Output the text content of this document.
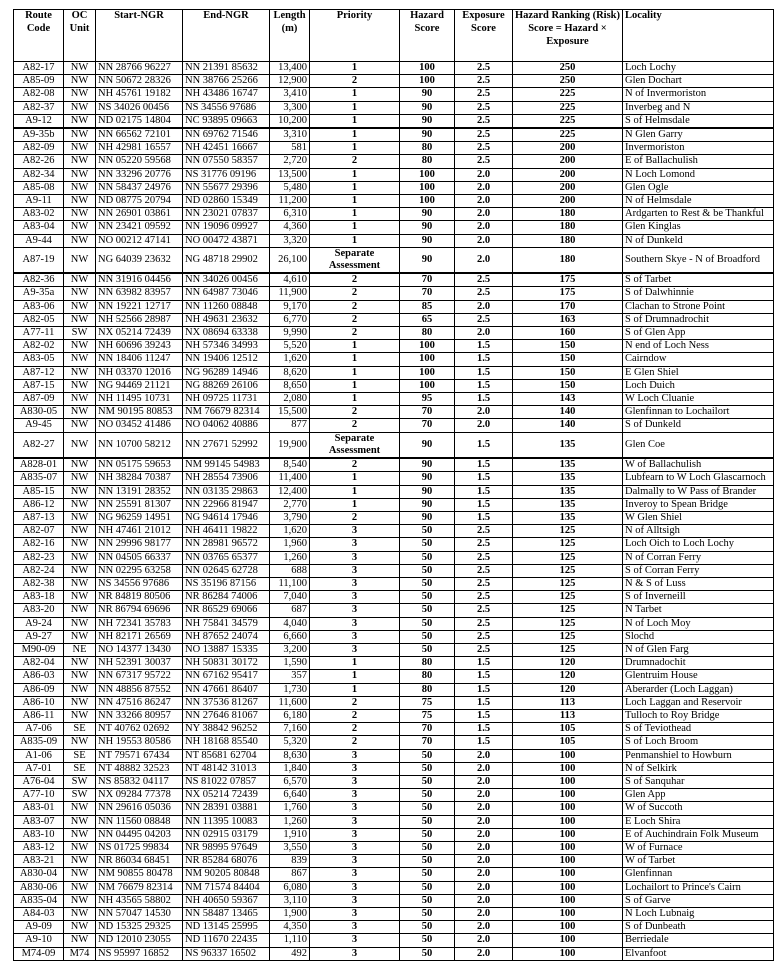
Route Code	OC Unit	Start-NGR	End-NGR	Length (m)	Priority	Hazard Score	Exposure Score	Hazard Ranking (Risk) Score = Hazard × Exposure	Locality
A82-17	NW	NN 28766 96227	NN 21391 85632	13,400	1	100	2.5	250	Loch Lochy
A85-09	NW	NN 50672 28326	NN 38766 25266	12,900	2	100	2.5	250	Glen Dochart
A82-08	NW	NH 45761 19182	NH 43486 16747	3,410	1	90	2.5	225	N of Invermoriston
A82-37	NW	NS 34026 00456	NS 34556 97686	3,300	1	90	2.5	225	Inverbeg and N
A9-12	NW	ND 02175 14804	NC 93895 09663	10,200	1	90	2.5	225	S of Helmsdale
A9-35b	NW	NN 66562 72101	NN 69762 71546	3,310	1	90	2.5	225	N Glen Garry
A82-09	NW	NH 42981 16557	NH 42451 16667	581	1	80	2.5	200	Invermoriston
A82-26	NW	NN 05220 59568	NN 07550 58357	2,720	2	80	2.5	200	E of Ballachulish
A82-34	NW	NN 33296 20776	NS 31776 09196	13,500	1	100	2.0	200	N Loch Lomond
A85-08	NW	NN 58437 24976	NN 55677 29396	5,480	1	100	2.0	200	Glen Ogle
A9-11	NW	ND 08775 20794	ND 02860 15349	11,200	1	100	2.0	200	N of Helmsdale
A83-02	NW	NN 26901 03861	NN 23021 07837	6,310	1	90	2.0	180	Ardgarten to Rest & be Thankful
A83-04	NW	NN 23421 09592	NN 19096 09927	4,360	1	90	2.0	180	Glen Kinglas
A9-44	NW	NO 00212 47141	NO 00472 43871	3,320	1	90	2.0	180	N of Dunkeld
A87-19	NW	NG 64039 23632	NG 48718 29902	26,100	Separate Assessment	90	2.0	180	Southern Skye - N of Broadford
A82-36	NW	NN 31916 04456	NN 34026 00456	4,610	2	70	2.5	175	S of Tarbet
A9-35a	NW	NN 63982 83957	NN 64987 73046	11,900	2	70	2.5	175	S of Dalwhinnie
A83-06	NW	NN 19221 12717	NN 11260 08848	9,170	2	85	2.0	170	Clachan to Strone Point
A82-05	NW	NH 52566 28987	NH 49631 23632	6,770	2	65	2.5	163	S of Drumnadrochit
A77-11	SW	NX 05214 72439	NX 08694 63338	9,990	2	80	2.0	160	S of Glen App
A82-02	NW	NH 60696 39243	NH 57346 34993	5,520	1	100	1.5	150	N end of Loch Ness
A83-05	NW	NN 18406 11247	NN 19406 12512	1,620	1	100	1.5	150	Cairndow
A87-12	NW	NH 03370 12016	NG 96289 14946	8,620	1	100	1.5	150	E Glen Shiel
A87-15	NW	NG 94469 21121	NG 88269 26106	8,650	1	100	1.5	150	Loch Duich
A87-09	NW	NH 11495 10731	NH 09725 11731	2,080	1	95	1.5	143	W Loch Cluanie
A830-05	NW	NM 90195 80853	NM 76679 82314	15,500	2	70	2.0	140	Glenfinnan to Lochailort
A9-45	NW	NO 03452 41486	NO 04062 40886	877	2	70	2.0	140	S of Dunkeld
A82-27	NW	NN 10700 58212	NN 27671 52992	19,900	Separate Assessment	90	1.5	135	Glen Coe
A828-01	NW	NN 05175 59653	NM 99145 54983	8,540	2	90	1.5	135	W of Ballachulish
A835-07	NW	NH 38284 70387	NH 28554 73906	11,400	1	90	1.5	135	Lubfearn to W Loch Glascarnoch
A85-15	NW	NN 13191 28352	NN 03135 29863	12,400	1	90	1.5	135	Dalmally to W Pass of Brander
A86-12	NW	NN 25591 81307	NN 22966 81947	2,770	1	90	1.5	135	Inveroy to Spean Bridge
A87-13	NW	NG 96259 14951	NG 94614 17946	3,790	2	90	1.5	135	W Glen Shiel
A82-07	NW	NH 47461 21012	NH 46411 19822	1,620	3	50	2.5	125	N of Alltsigh
A82-16	NW	NN 29996 98177	NN 28981 96572	1,960	3	50	2.5	125	Loch Oich to Loch Lochy
A82-23	NW	NN 04505 66337	NN 03765 65377	1,260	3	50	2.5	125	N of Corran Ferry
A82-24	NW	NN 02295 63258	NN 02645 62728	688	3	50	2.5	125	S of Corran Ferry
A82-38	NW	NS 34556 97686	NS 35196 87156	11,100	3	50	2.5	125	N & S of Luss
A83-18	NW	NR 84819 80506	NR 86284 74006	7,040	3	50	2.5	125	S of Inverneill
A83-20	NW	NR 86794 69696	NR 86529 69066	687	3	50	2.5	125	N Tarbet
A9-24	NW	NH 72341 35783	NH 75841 34579	4,040	3	50	2.5	125	N of Loch Moy
A9-27	NW	NH 82171 26569	NH 87652 24074	6,660	3	50	2.5	125	Slochd
M90-09	NE	NO 14377 13430	NO 13887 15335	3,200	3	50	2.5	125	N of Glen Farg
A82-04	NW	NH 52391 30037	NH 50831 30172	1,590	1	80	1.5	120	Drumnadochit
A86-03	NW	NN 67317 95722	NN 67162 95417	357	1	80	1.5	120	Glentruim House
A86-09	NW	NN 48856 87552	NN 47661 86407	1,730	1	80	1.5	120	Aberarder (Loch Laggan)
A86-10	NW	NN 47516 86247	NN 37536 81267	11,600	2	75	1.5	113	Loch Laggan and Reservoir
A86-11	NW	NN 33266 80957	NN 27646 81067	6,180	2	75	1.5	113	Tulloch to Roy Bridge
A7-06	SE	NT 40762 02692	NY 38842 96252	7,160	2	70	1.5	105	S of Teviothead
A835-09	NW	NH 19553 80586	NH 18168 85540	5,320	2	70	1.5	105	S of Loch Broom
A1-06	SE	NT 79571 67434	NT 85681 62704	8,630	3	50	2.0	100	Penmanshiel to Howburn
A7-01	SE	NT 48882 32523	NT 48142 31013	1,840	3	50	2.0	100	N of Selkirk
A76-04	SW	NS 85832 04117	NS 81022 07857	6,570	3	50	2.0	100	S of Sanquhar
A77-10	SW	NX 09284 77378	NX 05214 72439	6,640	3	50	2.0	100	Glen App
A83-01	NW	NN 29616 05036	NN 28391 03881	1,760	3	50	2.0	100	W of Succoth
A83-07	NW	NN 11560 08848	NN 11395 10083	1,260	3	50	2.0	100	E Loch Shira
A83-10	NW	NN 04495 04203	NN 02915 03179	1,910	3	50	2.0	100	E of Auchindrain Folk Museum
A83-12	NW	NS 01725 99834	NR 98995 97649	3,550	3	50	2.0	100	W of Furnace
A83-21	NW	NR 86034 68451	NR 85284 68076	839	3	50	2.0	100	W of Tarbet
A830-04	NW	NM 90855 80478	NM 90205 80848	867	3	50	2.0	100	Glenfinnan
A830-06	NW	NM 76679 82314	NM 71574 84404	6,080	3	50	2.0	100	Lochailort to Prince's Cairn
A835-04	NW	NH 43565 58802	NH 40650 59367	3,110	3	50	2.0	100	S of Garve
A84-03	NW	NN 57047 14530	NN 58487 13465	1,900	3	50	2.0	100	N Loch Lubnaig
A9-09	NW	ND 15325 29325	ND 13145 25995	4,350	3	50	2.0	100	S of Dunbeath
A9-10	NW	ND 12010 23055	ND 11670 22435	1,110	3	50	2.0	100	Berriedale
M74-09	M74	NS 95997 16852	NS 96337 16502	492	3	50	2.0	100	Elvanfoot
